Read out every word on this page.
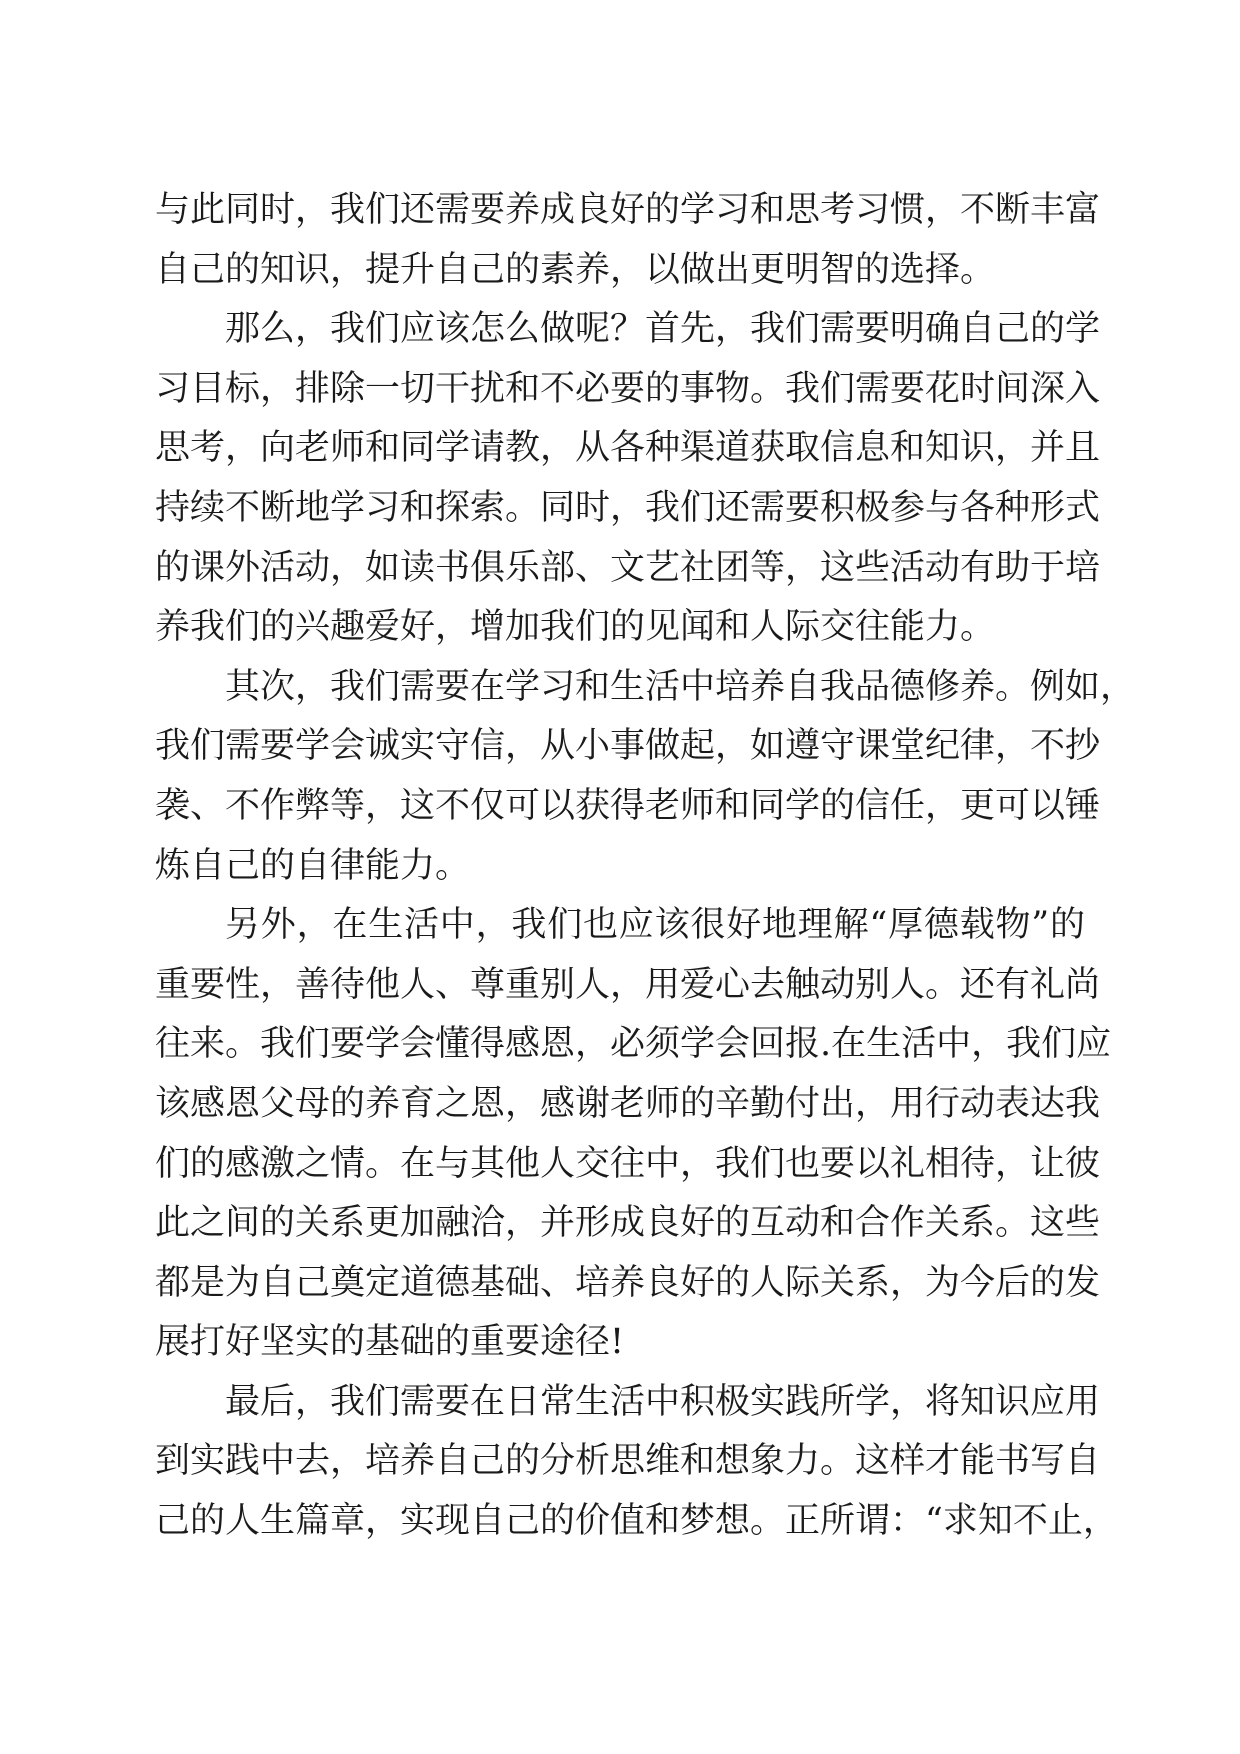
与此同时，我们还需要养成良好的学习和思考习惯，不断丰富
自己的知识，提升自己的素养，以做出更明智的选择。
那么，我们应该怎么做呢？首先，我们需要明确自己的学
习目标，排除一切干扰和不必要的事物。我们需要花时间深入
思考，向老师和同学请教，从各种渠道获取信息和知识，并且
持续不断地学习和探索。同时，我们还需要积极参与各种形式
的课外活动，如读书俱乐部、文艺社团等，这些活动有助于培
养我们的兴趣爱好，增加我们的见闻和人际交往能力。
其次，我们需要在学习和生活中培养自我品德修养。例如，
我们需要学会诚实守信，从小事做起，如遵守课堂纪律，不抄
袭、不作弊等，这不仅可以获得老师和同学的信任，更可以锤
炼自己的自律能力。
另外，在生活中，我们也应该很好地理解“厚德载物”的
重要性，善待他人、尊重别人，用爱心去触动别人。还有礼尚
往来。我们要学会懂得感恩，必须学会回报.在生活中，我们应
该感恩父母的养育之恩，感谢老师的辛勤付出，用行动表达我
们的感激之情。在与其他人交往中，我们也要以礼相待，让彼
此之间的关系更加融洽，并形成良好的互动和合作关系。这些
都是为自己奠定道德基础、培养良好的人际关系，为今后的发
展打好坚实的基础的重要途径!
最后，我们需要在日常生活中积极实践所学，将知识应用
到实践中去，培养自己的分析思维和想象力。这样才能书写自
己的人生篇章，实现自己的价值和梦想。正所谓：“求知不止，
